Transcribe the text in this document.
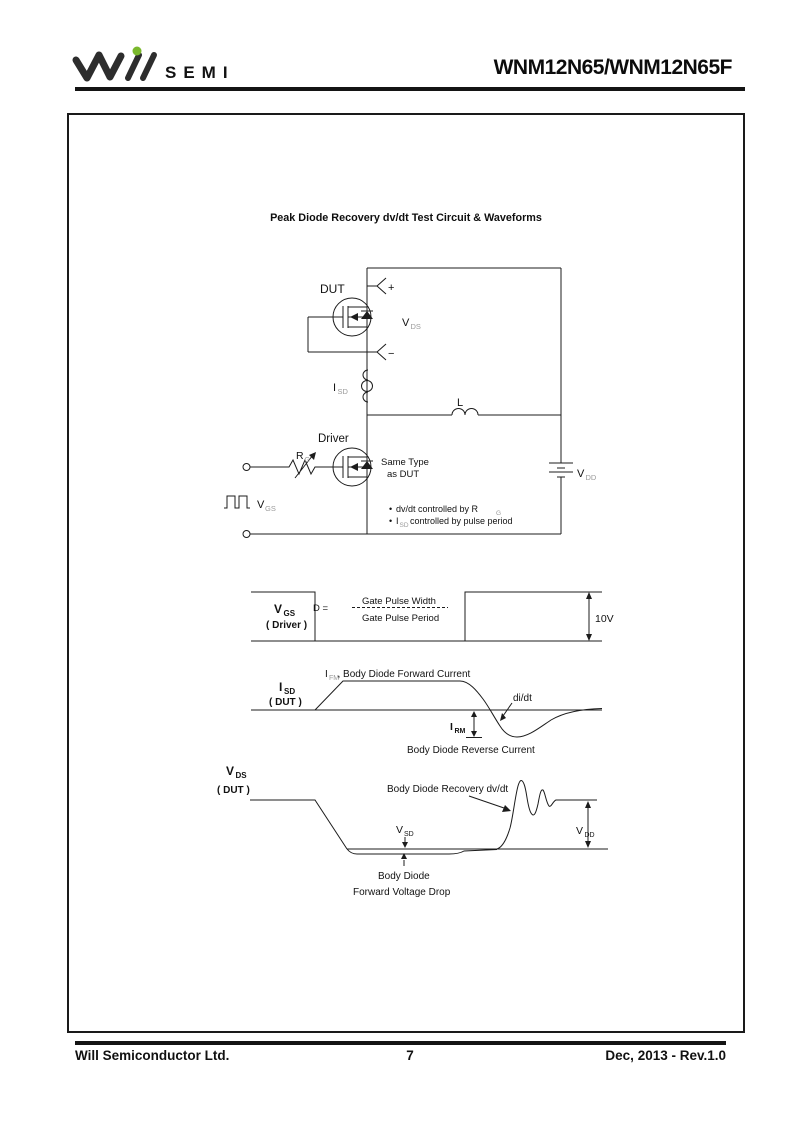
SEMI	WNM12N65/WNM12N65F
Peak Diode Recovery dv/dt Test Circuit & Waveforms
L
V DD
DUT
V DS
+
−
I SD
Driver
Same Type
as DUT
R G
V GS	• dv/dt controlled by R	G
• I SD controlled by pulse period
V GS
( Driver )
D =
Gate Pulse Width
Gate Pulse Period	10V
I SD
( DUT )
I FM
, Body Diode Forward Current
di/dt
I RM
Body Diode Reverse Current
V DS
( DUT )	Body Diode Recovery dv/dt
V SD
Body Diode
Forward Voltage Drop
V DD
Will Semiconductor Ltd.	7	Dec, 2013 - Rev.1.0
